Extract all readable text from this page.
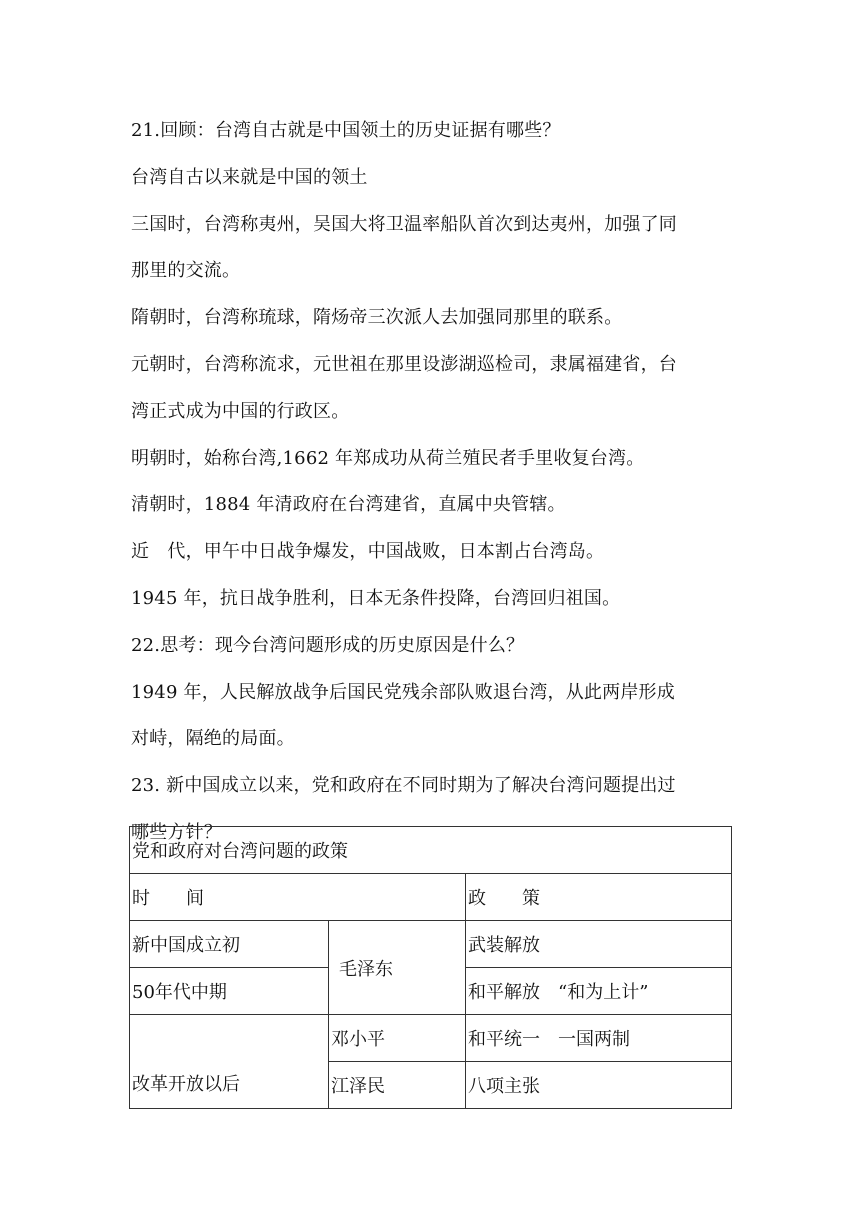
21.回顾：台湾自古就是中国领土的历史证据有哪些？
台湾自古以来就是中国的领土
三国时，台湾称夷州，吴国大将卫温率船队首次到达夷州，加强了同
那里的交流。
隋朝时，台湾称琉球，隋炀帝三次派人去加强同那里的联系。
元朝时，台湾称流求，元世祖在那里设澎湖巡检司，隶属福建省，台
湾正式成为中国的行政区。
明朝时，始称台湾,1662 年郑成功从荷兰殖民者手里收复台湾。
清朝时，1884 年清政府在台湾建省，直属中央管辖。
近　代，甲午中日战争爆发，中国战败，日本割占台湾岛。
1945 年，抗日战争胜利，日本无条件投降，台湾回归祖国。
22.思考：现今台湾问题形成的历史原因是什么？
1949 年，人民解放战争后国民党残余部队败退台湾，从此两岸形成
对峙，隔绝的局面。
23. 新中国成立以来，党和政府在不同时期为了解决台湾问题提出过
哪些方针？
党和政府对台湾问题的政策		
时　　间		政　　策
新中国成立初	毛泽东	武装解放
50年代中期		和平解放　“和为上计”
改革开放以后	邓小平	和平统一　一国两制
	江泽民	八项主张
